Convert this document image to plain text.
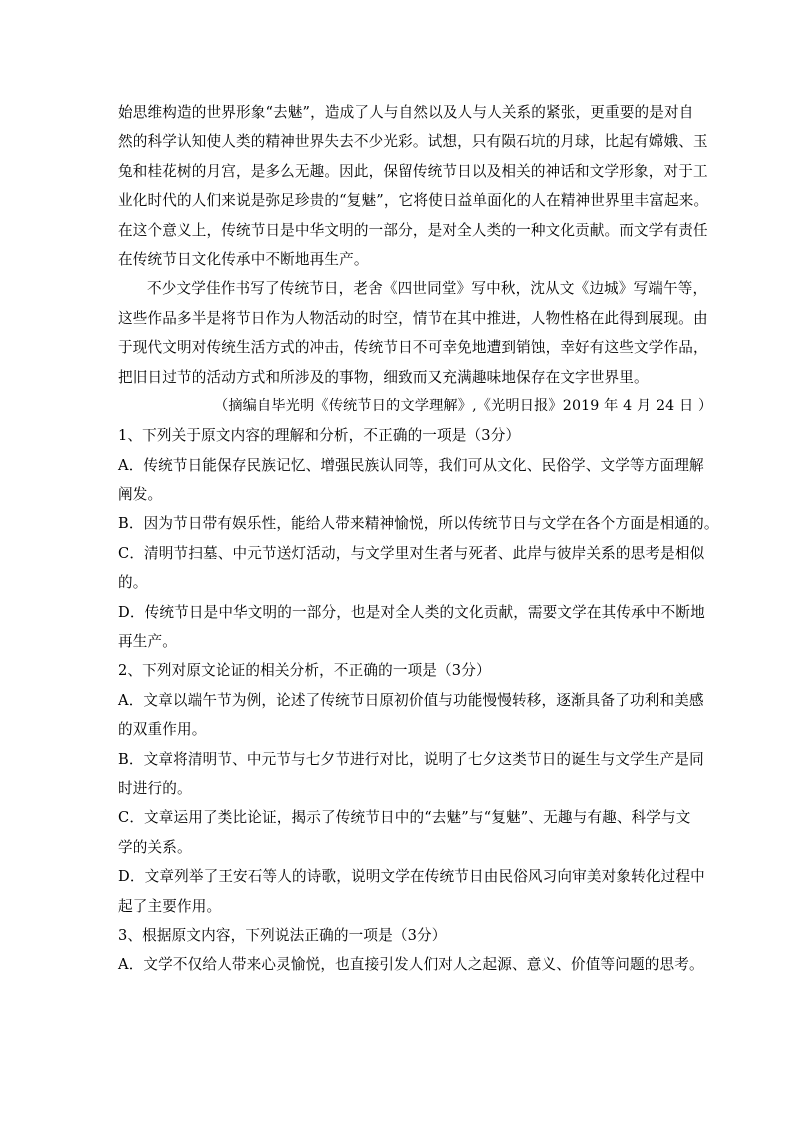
始思维构造的世界形象“去魅”，造成了人与自然以及人与人关系的紧张，更重要的是对自
然的科学认知使人类的精神世界失去不少光彩。试想，只有陨石坑的月球，比起有嫦娥、玉
兔和桂花树的月宫，是多么无趣。因此，保留传统节日以及相关的神话和文学形象，对于工
业化时代的人们来说是弥足珍贵的“复魅”，它将使日益单面化的人在精神世界里丰富起来。
在这个意义上，传统节日是中华文明的一部分，是对全人类的一种文化贡献。而文学有责任
在传统节日文化传承中不断地再生产。
不少文学佳作书写了传统节日，老舍《四世同堂》写中秋，沈从文《边城》写端午等，
这些作品多半是将节日作为人物活动的时空，情节在其中推进，人物性格在此得到展现。由
于现代文明对传统生活方式的冲击，传统节日不可幸免地遭到销蚀，幸好有这些文学作品，
把旧日过节的活动方式和所涉及的事物，细致而又充满趣味地保存在文字世界里。
（摘编自毕光明《传统节日的文学理解》,《光明日报》2019 年 4 月 24 日 ）
1、下列关于原文内容的理解和分析，不正确的一项是（3分）
A．传统节日能保存民族记忆、增强民族认同等，我们可从文化、民俗学、文学等方面理解
阐发。
B．因为节日带有娱乐性，能给人带来精神愉悦，所以传统节日与文学在各个方面是相通的。
C．清明节扫墓、中元节送灯活动，与文学里对生者与死者、此岸与彼岸关系的思考是相似
的。
D．传统节日是中华文明的一部分，也是对全人类的文化贡献，需要文学在其传承中不断地
再生产。
2、下列对原文论证的相关分析，不正确的一项是（3分）
A．文章以端午节为例，论述了传统节日原初价值与功能慢慢转移，逐渐具备了功利和美感
的双重作用。
B．文章将清明节、中元节与七夕节进行对比，说明了七夕这类节日的诞生与文学生产是同
时进行的。
C．文章运用了类比论证，揭示了传统节日中的“去魅”与“复魅”、无趣与有趣、科学与文
学的关系。
D．文章列举了王安石等人的诗歌，说明文学在传统节日由民俗风习向审美对象转化过程中
起了主要作用。
3、根据原文内容，下列说法正确的一项是（3分）
A．文学不仅给人带来心灵愉悦，也直接引发人们对人之起源、意义、价值等问题的思考。
